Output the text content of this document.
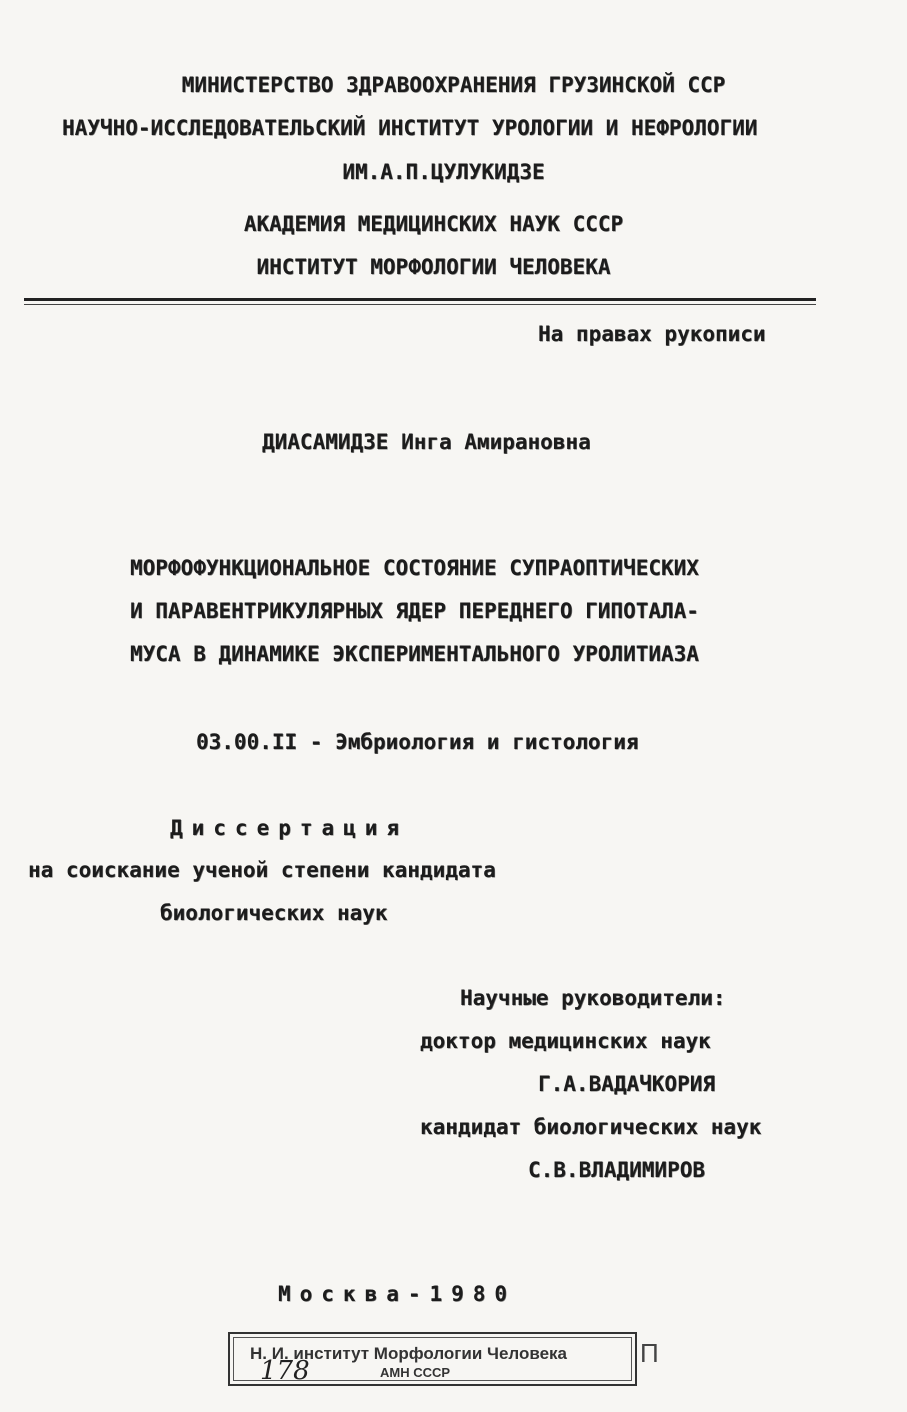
МИНИСТЕРСТВО ЗДРАВООХРАНЕНИЯ ГРУЗИНСКОЙ ССР
НАУЧНО-ИССЛЕДОВАТЕЛЬСКИЙ ИНСТИТУТ УРОЛОГИИ И НЕФРОЛОГИИ
ИМ.А.П.ЦУЛУКИДЗЕ
АКАДЕМИЯ МЕДИЦИНСКИХ НАУК СССР
ИНСТИТУТ МОРФОЛОГИИ ЧЕЛОВЕКА
На правах рукописи
ДИАСАМИДЗЕ Инга Амирановна
МОРФОФУНКЦИОНАЛЬНОЕ СОСТОЯНИЕ СУПРАОПТИЧЕСКИХ
И ПАРАВЕНТРИКУЛЯРНЫХ ЯДЕР ПЕРЕДНЕГО ГИПОТАЛА-
МУСА В ДИНАМИКЕ ЭКСПЕРИМЕНТАЛЬНОГО УРОЛИТИАЗА
03.00.II - Эмбриология и гистология
Диссертация
на соискание ученой степени кандидата
биологических наук
Научные руководители:
доктор медицинских наук
Г.А.ВАДАЧКОРИЯ
кандидат биологических наук
С.В.ВЛАДИМИРОВ
Москва-1980
Н. И. институт Морфологии Человека
АМН СССР
178
П
